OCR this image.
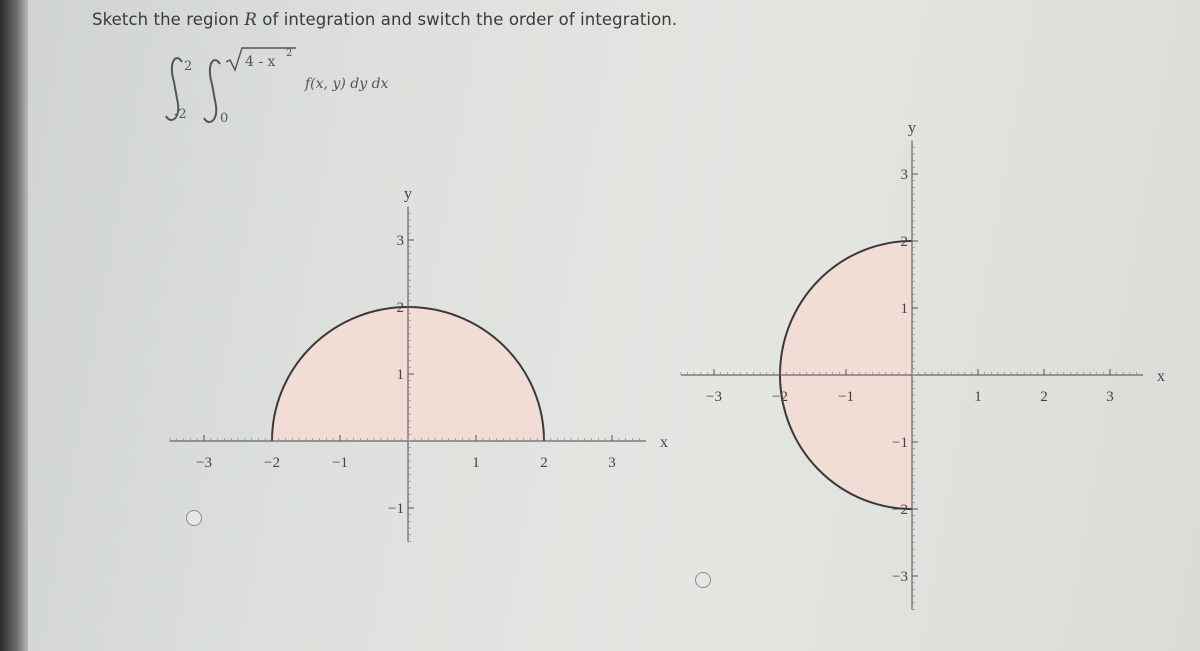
Sketch the region R of integration and switch the order of integration.
2
-2	0
4 - x
2
f(x, y) dy dx
−3	−2	−1	1	2	3
3
2
1
−1
x
y
−3	−2	−1	1	2	3
3
2
1
−1
−2
−3
x
y
